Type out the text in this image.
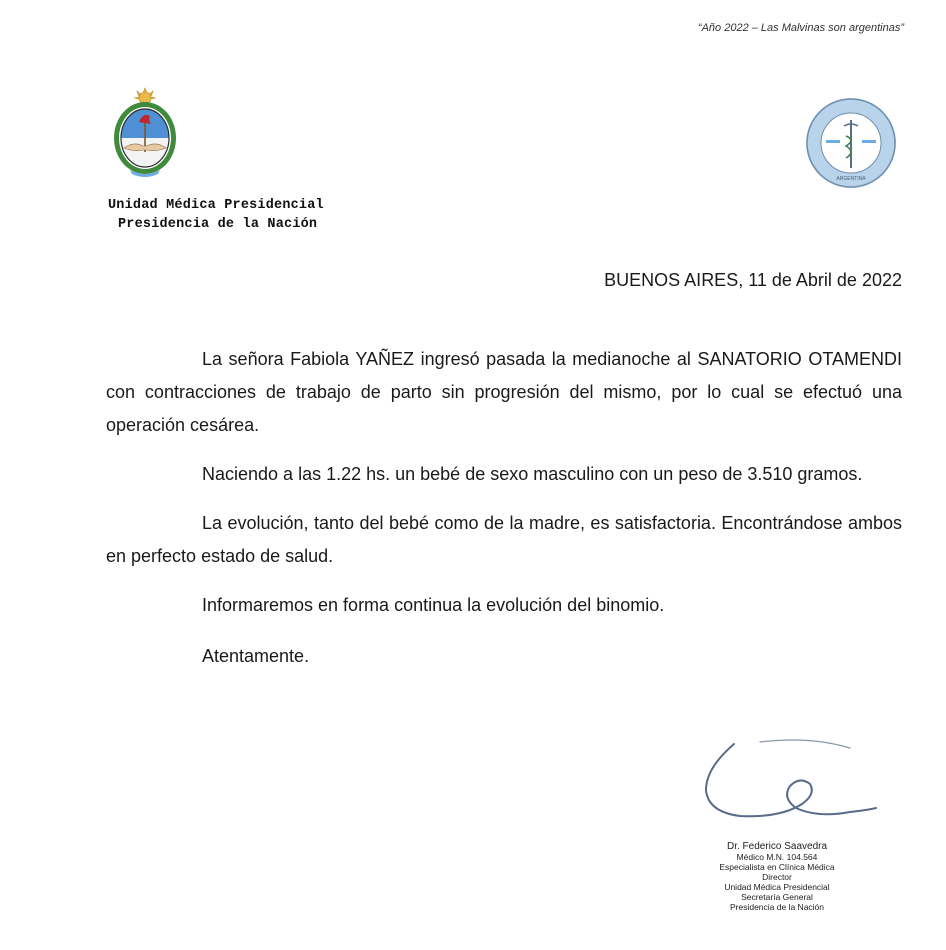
“Año 2022 – Las Malvinas son argentinas”
ARGENTINA
Unidad Médica Presidencial
Presidencia de la Nación
BUENOS AIRES, 11 de Abril de 2022

La señora Fabiola YAÑEZ ingresó pasada la medianoche al SANATORIO OTAMENDI con contracciones de trabajo de parto sin progresión del mismo, por lo cual se efectuó una operación cesárea.

Naciendo a las 1.22 hs. un bebé de sexo masculino con un peso de 3.510 gramos.

La evolución, tanto del bebé como de la madre, es satisfactoria. Encontrándose ambos en perfecto estado de salud.

Informaremos en forma continua la evolución del binomio.

Atentamente.

Dr. Federico Saavedra
Médico M.N. 104.564
Especialista en Clínica Médica
Director
Unidad Médica Presidencial
Secretaría General
Presidencia de la Nación
